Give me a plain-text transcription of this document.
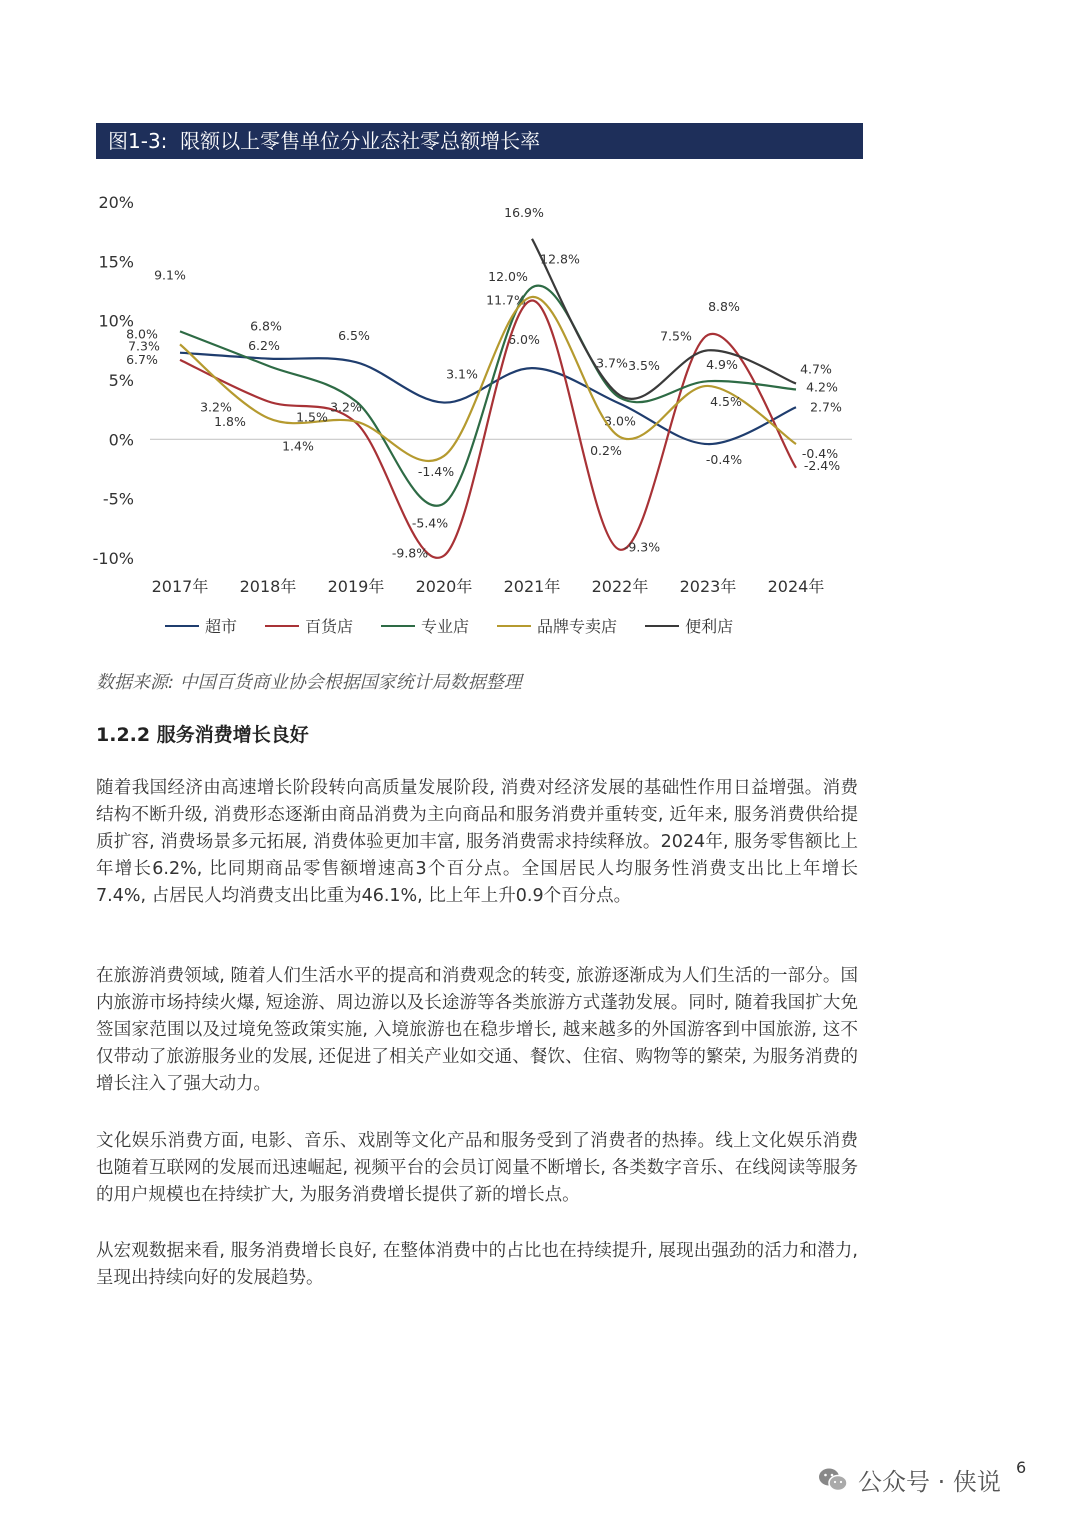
图1-3: 限额以上零售单位分业态社零总额增长率
20%
15%
10%
5%
0%
-5%
-10%
2017年 2018年 2019年 2020年 2021年 2022年 2023年 2024年
7.3%
6.8%
6.5%
3.1%
6.0%
3.0%
-0.4%
2.7%
6.7%
3.2%
1.4%
-9.8%
11.7%
-9.3%
8.8%
-2.4%
9.1%
6.2%
3.2%
-5.4%
12.8%
3.5%	4.9%
4.2%
8.0%
1.8%	1.5%
-1.4%
12.0%
0.2%
4.5%
-0.4%
16.9%
3.7%
7.5%
4.7%
超市	百货店	专业店	品牌专卖店	便利店
数据来源: 中国百货商业协会根据国家统计局数据整理
1.2.2 服务消费增长良好
随着我国经济由高速增长阶段转向高质量发展阶段, 消费对经济发展的基础性作用日益增强。消费结构不断升级, 消费形态逐渐由商品消费为主向商品和服务消费并重转变, 近年来, 服务消费供给提质扩容, 消费场景多元拓展, 消费体验更加丰富, 服务消费需求持续释放。2024年, 服务零售额比上年增长6.2%, 比同期商品零售额增速高3个百分点。全国居民人均服务性消费支出比上年增长7.4%, 占居民人均消费支出比重为46.1%, 比上年上升0.9个百分点。
在旅游消费领域, 随着人们生活水平的提高和消费观念的转变, 旅游逐渐成为人们生活的一部分。国内旅游市场持续火爆, 短途游、周边游以及长途游等各类旅游方式蓬勃发展。同时, 随着我国扩大免签国家范围以及过境免签政策实施, 入境旅游也在稳步增长, 越来越多的外国游客到中国旅游, 这不仅带动了旅游服务业的发展, 还促进了相关产业如交通、餐饮、住宿、购物等的繁荣, 为服务消费的增长注入了强大动力。
文化娱乐消费方面, 电影、音乐、戏剧等文化产品和服务受到了消费者的热捧。线上文化娱乐消费也随着互联网的发展而迅速崛起, 视频平台的会员订阅量不断增长, 各类数字音乐、在线阅读等服务的用户规模也在持续扩大, 为服务消费增长提供了新的增长点。
从宏观数据来看, 服务消费增长良好, 在整体消费中的占比也在持续提升, 展现出强劲的活力和潜力, 呈现出持续向好的发展趋势。
6
公众号 · 侠说
